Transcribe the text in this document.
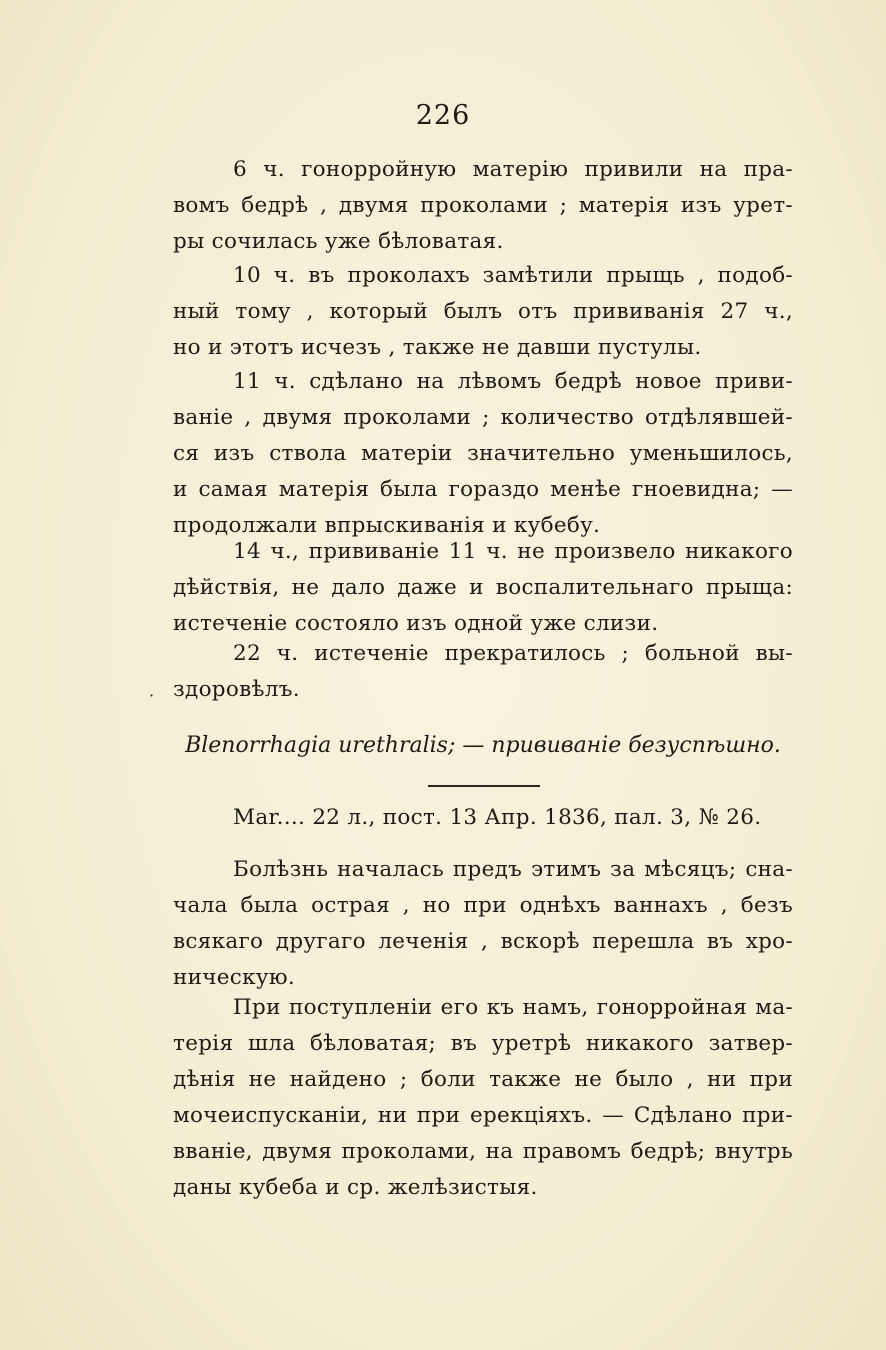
226
6 ч. гонорройную матерію привили на пра-
вомъ бедрѣ , двумя проколами ; матерія изъ урет-
ры сочилась уже бѣловатая.
10 ч. въ проколахъ замѣтили прыщь , подоб-
ный тому , который былъ отъ прививанія 27 ч.,
но и этотъ исчезъ , также не давши пустулы.
11 ч. сдѣлано на лѣвомъ бедрѣ новое приви-
ваніе , двумя проколами ; количество отдѣлявшей-
ся изъ ствола матеріи значительно уменьшилось,
и самая матерія была гораздо менѣе гноевидна; —
продолжали впрыскиванія и кубебу.
14 ч., прививаніе 11 ч. не произвело никакого
дѣйствія, не дало даже и воспалительнаго прыща:
истеченіе состояло изъ одной уже слизи.
22 ч. истеченіе прекратилось ; больной вы-
здоровѣлъ.
·
Blenorrhagia urethralis; — прививаніе безуспѣшно.
Mar.... 22 л., пост. 13 Апр. 1836, пал. 3, № 26.
Болѣзнь началась предъ этимъ за мѣсяцъ; сна-
чала была острая , но при однѣхъ ваннахъ , безъ
всякаго другаго леченія , вскорѣ перешла въ хро-
ническую.
При поступленіи его къ намъ, гонорройная ма-
терія шла бѣловатая; въ уретрѣ никакого затвер-
дѣнія не найдено ; боли также не было , ни при
мочеиспусканіи, ни при ерекціяхъ. — Сдѣлано при-
вваніе, двумя проколами, на правомъ бедрѣ; внутрь
даны кубеба и ср. желѣзистыя.
